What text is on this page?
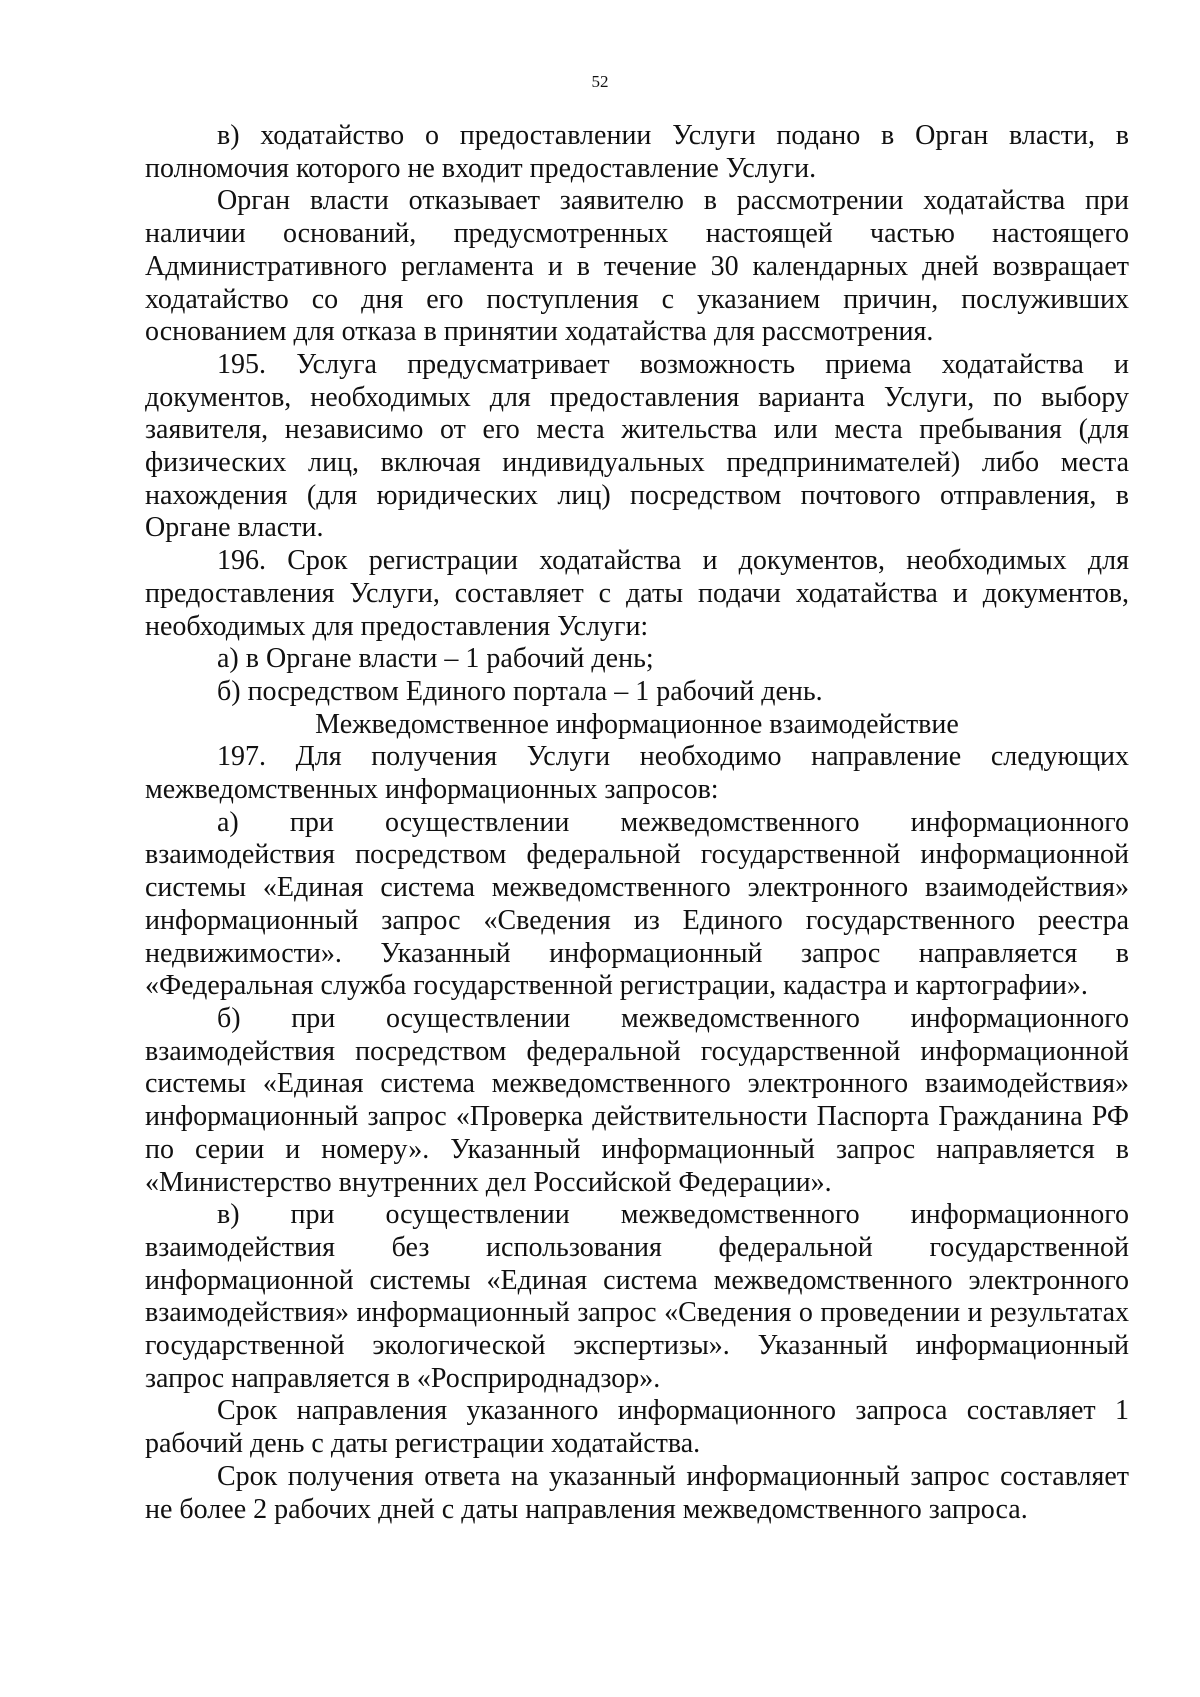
52

в) ходатайство о предоставлении Услуги подано в Орган власти, в полномочия которого не входит предоставление Услуги.

Орган власти отказывает заявителю в рассмотрении ходатайства при наличии оснований, предусмотренных настоящей частью настоящего Административного регламента и в течение 30 календарных дней возвращает ходатайство со дня его поступления с указанием причин, послуживших основанием для отказа в принятии ходатайства для рассмотрения.

195. Услуга предусматривает возможность приема ходатайства и документов, необходимых для предоставления варианта Услуги, по выбору заявителя, независимо от его места жительства или места пребывания (для физических лиц, включая индивидуальных предпринимателей) либо места нахождения (для юридических лиц) посредством почтового отправления, в Органе власти.

196. Срок регистрации ходатайства и документов, необходимых для предоставления Услуги, составляет с даты подачи ходатайства и документов, необходимых для предоставления Услуги:

а) в Органе власти – 1 рабочий день;

б) посредством Единого портала – 1 рабочий день.

Межведомственное информационное взаимодействие

197. Для получения Услуги необходимо направление следующих межведомственных информационных запросов:

а) при осуществлении межведомственного информационного взаимодействия посредством федеральной государственной информационной системы «Единая система межведомственного электронного взаимодействия» информационный запрос «Сведения из Единого государственного реестра недвижимости». Указанный информационный запрос направляется в «Федеральная служба государственной регистрации, кадастра и картографии».

б) при осуществлении межведомственного информационного взаимодействия посредством федеральной государственной информационной системы «Единая система межведомственного электронного взаимодействия» информационный запрос «Проверка действительности Паспорта Гражданина РФ по серии и номеру». Указанный информационный запрос направляется в «Министерство внутренних дел Российской Федерации».

в) при осуществлении межведомственного информационного взаимодействия без использования федеральной государственной информационной системы «Единая система межведомственного электронного взаимодействия» информационный запрос «Сведения о проведении и результатах государственной экологической экспертизы». Указанный информационный запрос направляется в «Росприроднадзор».

Срок направления указанного информационного запроса составляет 1 рабочий день с даты регистрации ходатайства.

Срок получения ответа на указанный информационный запрос составляет не более 2 рабочих дней с даты направления межведомственного запроса.
